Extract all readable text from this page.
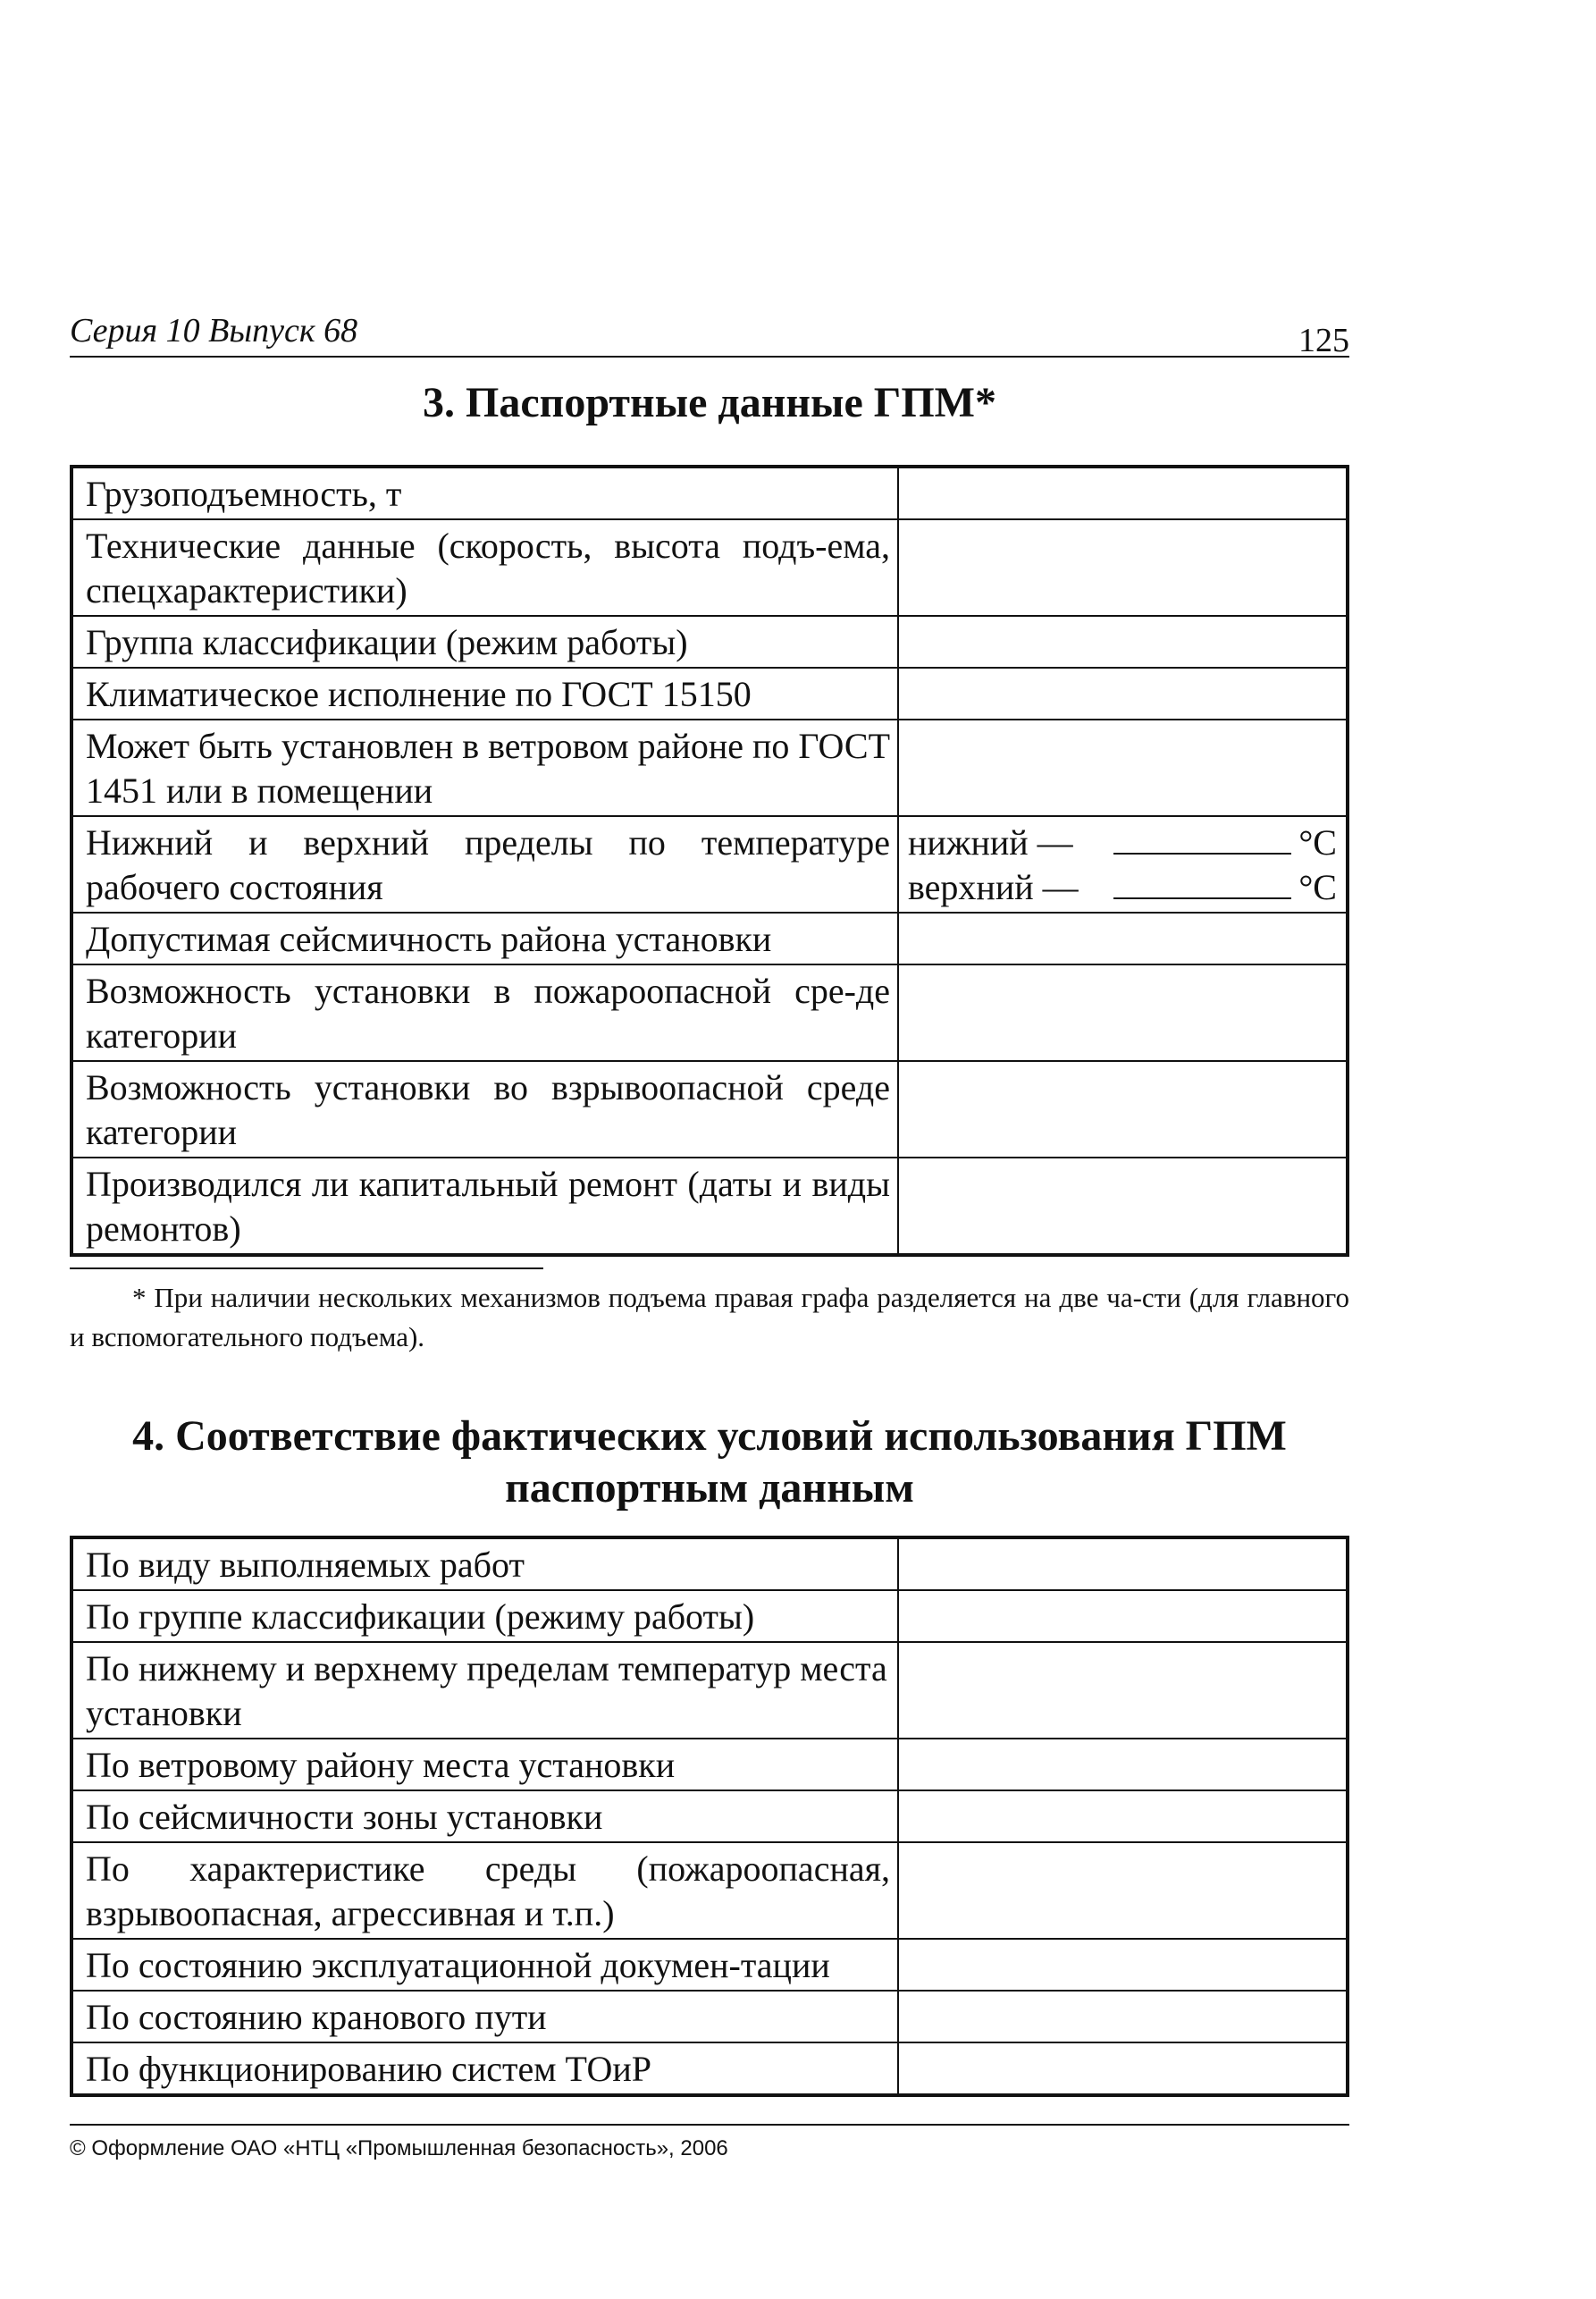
Серия 10 Выпуск 68	125
3. Паспортные данные ГПМ*
Грузоподъемность, т	
Технические данные (скорость, высота подъ-ема, спецхарактеристики)	
Группа классификации (режим работы)	
Климатическое исполнение по ГОСТ 15150	
Может быть установлен в ветровом районе по ГОСТ 1451 или в помещении	
Нижний и верхний пределы по температуре рабочего состояния	нижний — °С
верхний — °С

Допустимая сейсмичность района установки	
Возможность установки в пожароопасной сре-де категории	
Возможность установки во взрывоопасной среде категории	
Производился ли капитальный ремонт (даты и виды ремонтов)	
* При наличии нескольких механизмов подъема правая графа разделяется на две ча-сти (для главного и вспомогательного подъема).
4. Соответствие фактических условий использования ГПМ
паспортным данным
По виду выполняемых работ	
По группе классификации (режиму работы)	
По нижнему и верхнему пределам температур места установки	
По ветровому району места установки	
По сейсмичности зоны установки	
По характеристике среды (пожароопасная, взрывоопасная, агрессивная и т.п.)	
По состоянию эксплуатационной докумен-тации	
По состоянию кранового пути	
По функционированию систем ТОиР	
© Оформление ОАО «НТЦ «Промышленная безопасность», 2006
